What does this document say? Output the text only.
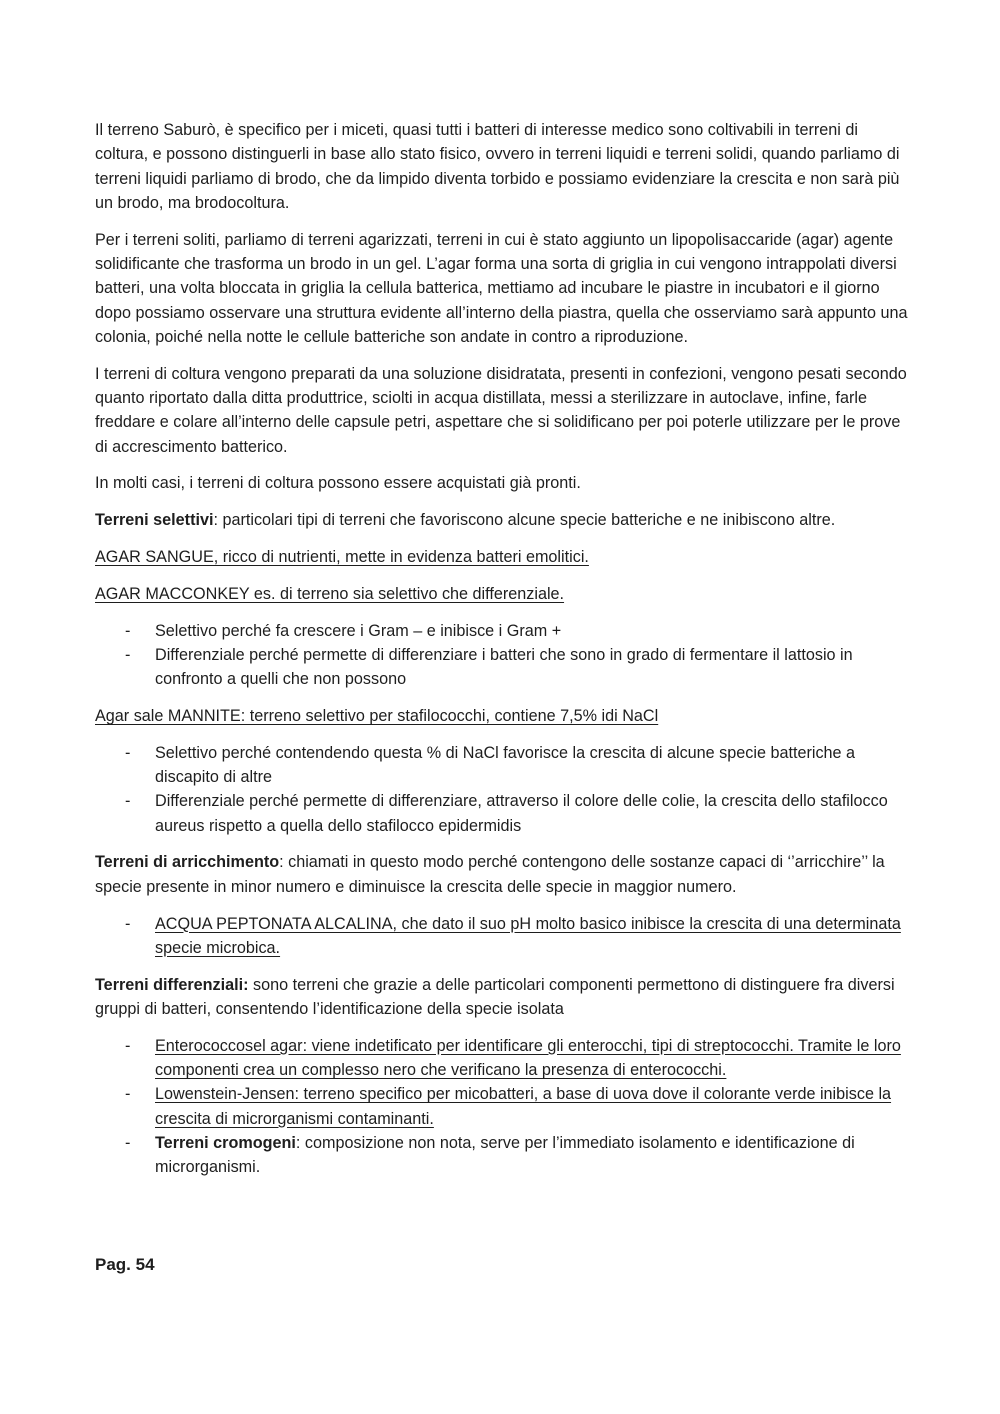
Il terreno Saburò, è specifico per i miceti, quasi tutti i batteri di interesse medico sono coltivabili in terreni di coltura, e possono distinguerli in base allo stato fisico, ovvero in terreni liquidi e terreni solidi, quando parliamo di terreni liquidi parliamo di brodo, che da limpido diventa torbido e possiamo evidenziare la crescita e non sarà più un brodo, ma brodocoltura.

Per i terreni soliti, parliamo di terreni agarizzati, terreni in cui è stato aggiunto un lipopolisaccaride (agar) agente solidificante che trasforma un brodo in un gel. L’agar forma una sorta di griglia in cui vengono intrappolati diversi batteri, una volta bloccata in griglia la cellula batterica, mettiamo ad incubare le piastre in incubatori e il giorno dopo possiamo osservare una struttura evidente all’interno della piastra, quella che osserviamo sarà appunto una colonia, poiché nella notte le cellule batteriche son andate in contro a riproduzione.

I terreni di coltura vengono preparati da una soluzione disidratata, presenti in confezioni, vengono pesati secondo quanto riportato dalla ditta produttrice, sciolti in acqua distillata, messi a sterilizzare in autoclave, infine, farle freddare e colare all’interno delle capsule petri, aspettare che si solidificano per poi poterle utilizzare per le prove di accrescimento batterico.

In molti casi, i terreni di coltura possono essere acquistati già pronti.

Terreni selettivi: particolari tipi di terreni che favoriscono alcune specie batteriche e ne inibiscono altre.

AGAR SANGUE, ricco di nutrienti, mette in evidenza batteri emolitici.

AGAR MACCONKEY es. di terreno sia selettivo che differenziale.

- Selettivo perché fa crescere i Gram – e inibisce i Gram +
- Differenziale perché permette di differenziare i batteri che sono in grado di fermentare il lattosio in confronto a quelli che non possono

Agar sale MANNITE: terreno selettivo per stafilococchi, contiene 7,5% idi NaCl

- Selettivo perché contendendo questa % di NaCl favorisce la crescita di alcune specie batteriche a discapito di altre
- Differenziale perché permette di differenziare, attraverso il colore delle colie, la crescita dello stafilocco aureus rispetto a quella dello stafilocco epidermidis

Terreni di arricchimento: chiamati in questo modo perché contengono delle sostanze capaci di ‘’arricchire’’ la specie presente in minor numero e diminuisce la crescita delle specie in maggior numero.

- ACQUA PEPTONATA ALCALINA, che dato il suo pH molto basico inibisce la crescita di una determinata specie microbica.

Terreni differenziali: sono terreni che grazie a delle particolari componenti permettono di distinguere fra diversi gruppi di batteri, consentendo l’identificazione della specie isolata

- Enterococcosel agar: viene indetificato per identificare gli enterocchi, tipi di streptococchi. Tramite le loro componenti crea un complesso nero che verificano la presenza di enterococchi.
- Lowenstein-Jensen: terreno specifico per micobatteri, a base di uova dove il colorante verde inibisce la crescita di microrganismi contaminanti.
- Terreni cromogeni: composizione non nota, serve per l’immediato isolamento e identificazione di microrganismi.
Pag. 54
